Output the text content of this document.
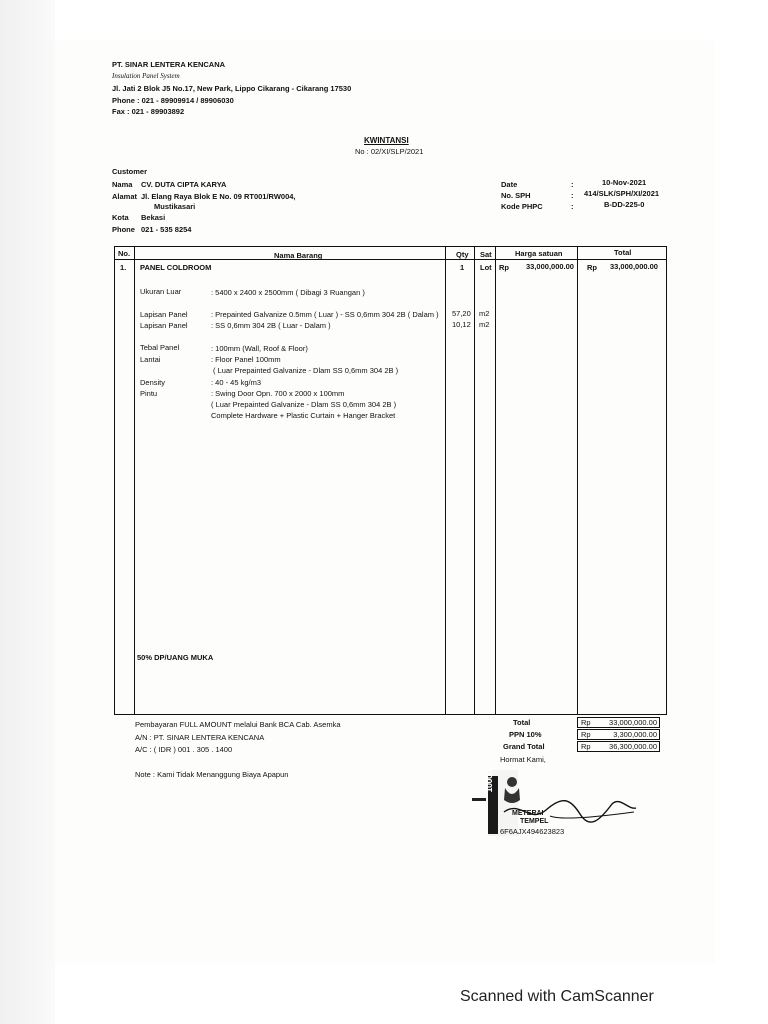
PT. SINAR LENTERA KENCANA
Insulation Panel System
Jl. Jati 2 Blok J5 No.17, New Park, Lippo Cikarang - Cikarang 17530
Phone : 021 - 89909914 / 89906030
Fax : 021 - 89903892
KWINTANSI
No : 02/XI/SLP/2021
Customer
Nama CV. DUTA CIPTA KARYA
Alamat Jl. Elang Raya Blok E No. 09 RT001/RW004,
Mustikasari
Kota Bekasi
Phone 021 - 535 8254
Date	:	10-Nov-2021
No. SPH	: 414/SLK/SPH/XI/2021
Kode PHPC	:	B-DD-225-0
No.	Nama Barang	Qty Sat	Harga satuan	Total
1. PANEL COLDROOM	1 Lot Rp 33,000,000.00 Rp 33,000,000.00
Ukuran Luar	: 5400 x 2400 x 2500mm ( Dibagi 3 Ruangan )
Lapisan Panel	: Prepainted Galvanize 0.5mm ( Luar ) - SS 0,6mm 304 2B ( Dalam ) 57,20 m2
Lapisan Panel	: SS 0,6mm 304 2B ( Luar - Dalam )	10,12 m2
Tebal Panel	: 100mm (Wall, Roof & Floor)
Lantai	: Floor Panel 100mm
( Luar Prepainted Galvanize - Dlam SS 0,6mm 304 2B )
Density	: 40 - 45 kg/m3
Pintu	: Swing Door Opn. 700 x 2000 x 100mm
( Luar Prepainted Galvanize - Dlam SS 0,6mm 304 2B )
Complete Hardware + Plastic Curtain + Hanger Bracket
50% DP/UANG MUKA
Pembayaran FULL AMOUNT melalui Bank BCA Cab. Asemka
A/N : PT. SINAR LENTERA KENCANA
A/C : ( IDR ) 001 . 305 . 1400
Note : Kami Tidak Menanggung Biaya Apapun
Total	Rp 33,000,000.00
PPN 10%	Rp	3,300,000.00
Grand Total	Rp 36,300,000.00
Hormat Kami,
10000
METERAI
TEMPEL
6F6AJX494623823
Scanned with CamScanner
